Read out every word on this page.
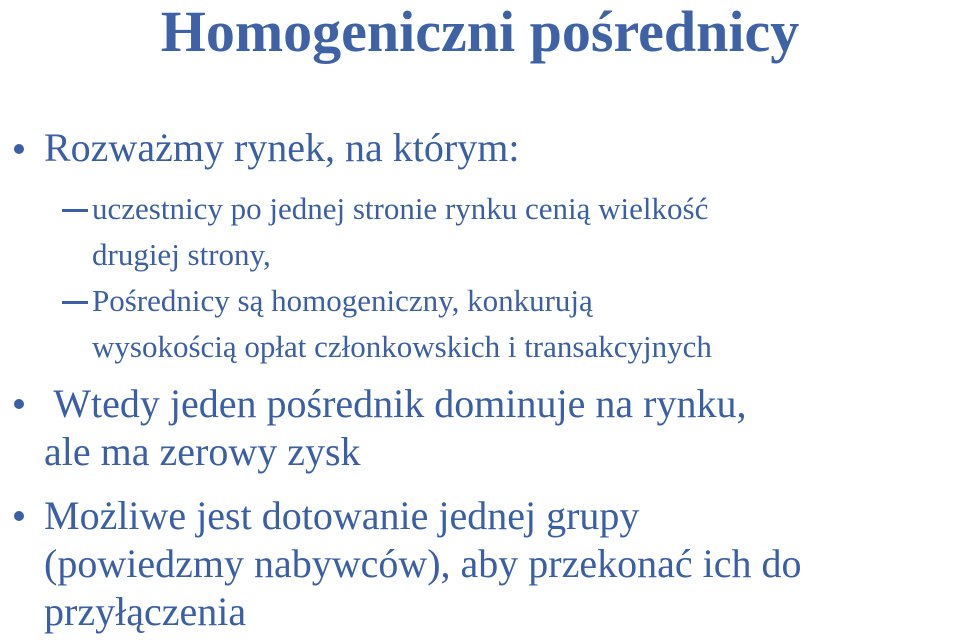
Homogeniczni pośrednicy
Rozważmy rynek, na którym:
uczestnicy po jednej stronie rynku cenią wielkość
drugiej strony,
Pośrednicy są homogeniczny, konkurują
wysokością opłat członkowskich i transakcyjnych
Wtedy jeden pośrednik dominuje na rynku,
ale ma zerowy zysk
Możliwe jest dotowanie jednej grupy
(powiedzmy nabywców), aby przekonać ich do
przyłączenia
